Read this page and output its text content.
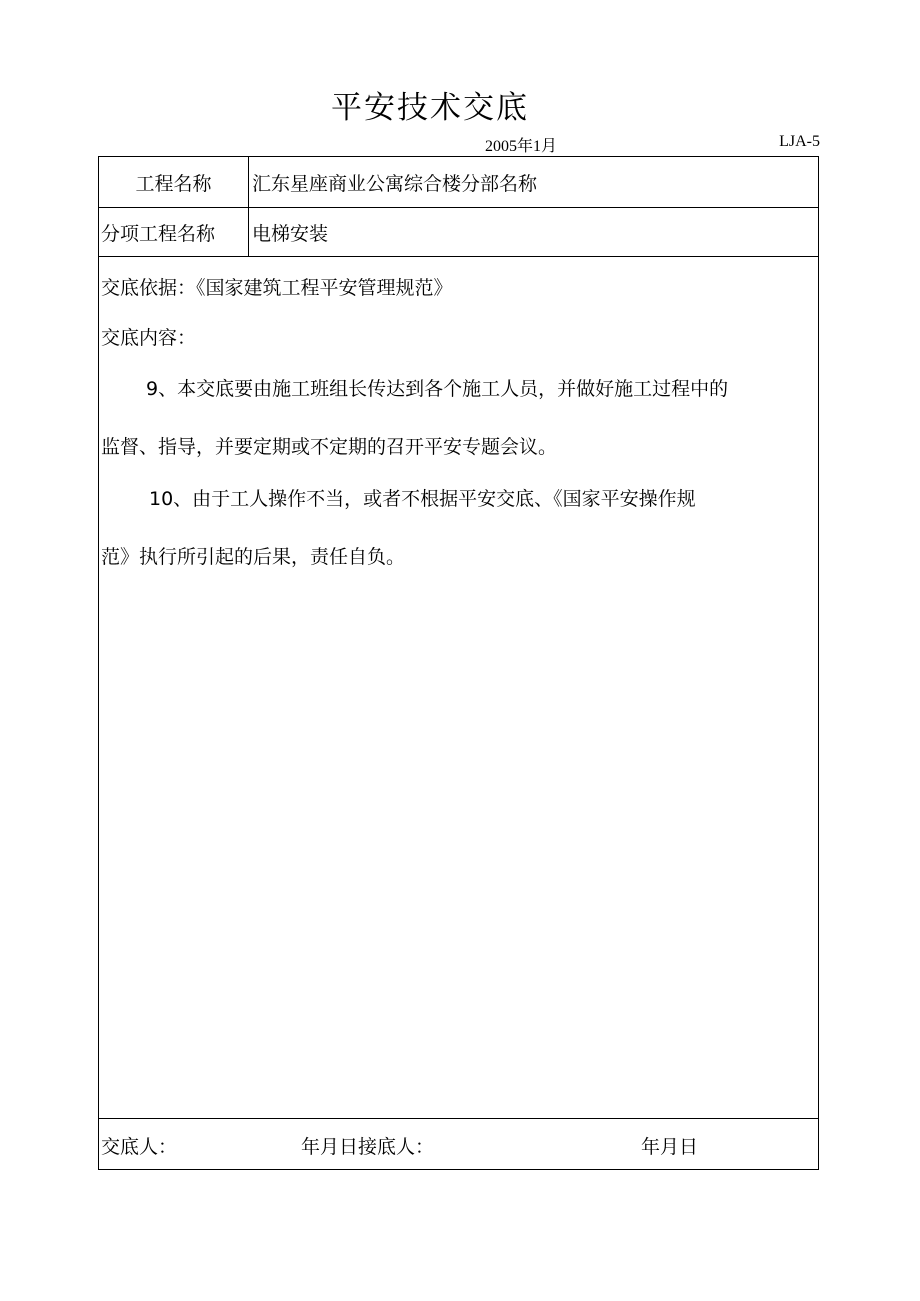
平安技术交底
2005年1月	LJA-5
工程名称	汇东星座商业公寓综合楼分部名称
分项工程名称	电梯安装
交底依据：《国家建筑工程平安管理规范》
交底内容：
9、本交底要由施工班组长传达到各个施工人员，并做好施工过程中的
监督、指导，并要定期或不定期的召开平安专题会议。
10、由于工人操作不当，或者不根据平安交底、《国家平安操作规
范》执行所引起的后果，责任自负。
交底人：	年月日接底人：	年月日
